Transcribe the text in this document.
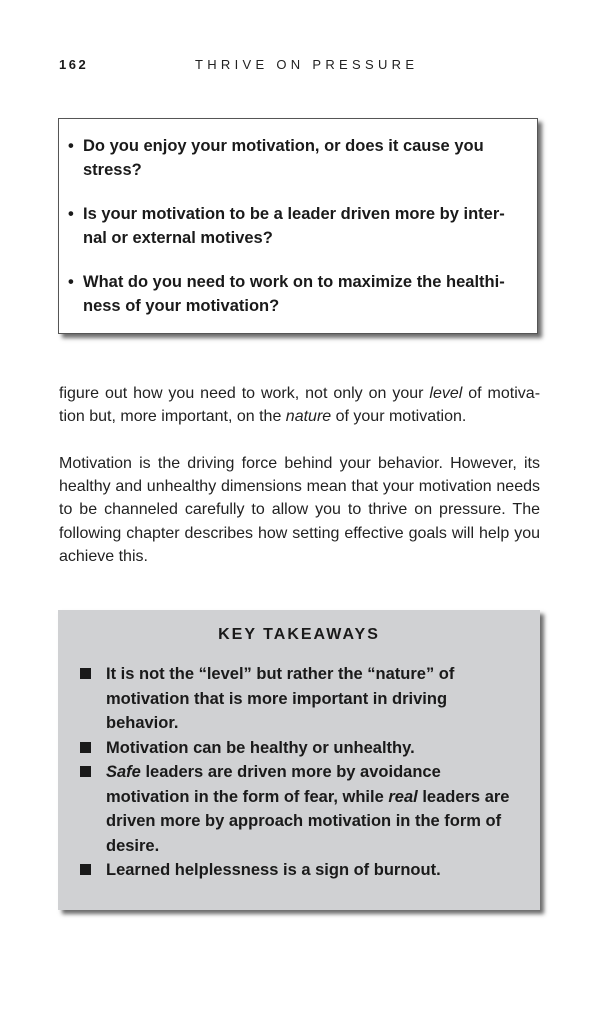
162	THRIVE ON PRESSURE
• Do you enjoy your motivation, or does it cause you stress?
• Is your motivation to be a leader driven more by internal or external motives?
• What do you need to work on to maximize the healthiness of your motivation?

figure out how you need to work, not only on your level of motivation but, more important, on the nature of your motivation.

Motivation is the driving force behind your behavior. However, its healthy and unhealthy dimensions mean that your motivation needs to be channeled carefully to allow you to thrive on pressure. The following chapter describes how setting effective goals will help you achieve this.

KEY TAKEAWAYS
It is not the “level” but rather the “nature” of motivation that is more important in driving behavior.
Motivation can be healthy or unhealthy.
Safe leaders are driven more by avoidance motivation in the form of fear, while real leaders are driven more by approach motivation in the form of desire.
Learned helplessness is a sign of burnout.
